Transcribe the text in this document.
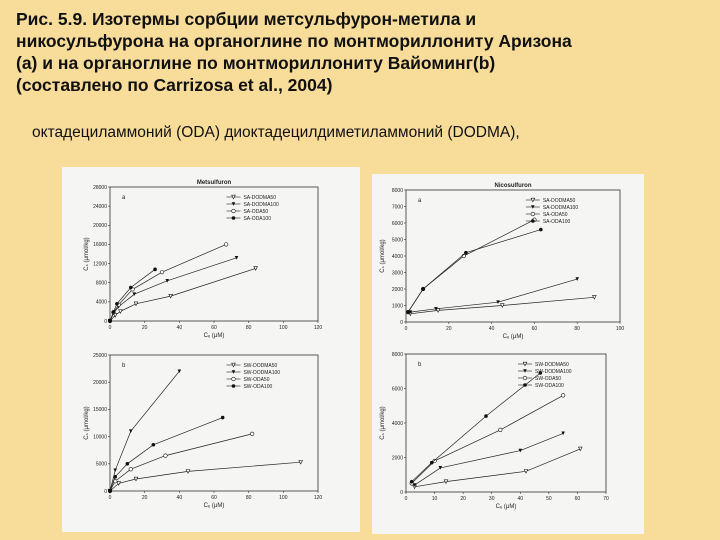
Рис. 5.9. Изотермы сорбции метсульфурон-метила и
никосульфурона на органоглине по монтмориллониту Аризона
(а) и на органоглине по монтмориллониту Вайоминг(b)
(составлено по Carrizosa et al., 2004)
октадециламмоний (ODA) диоктадецилдиметиламмоний (DODMA),
0	20	40	60	80	100	120
0
4000
8000
12000
16000
20000
24000
28000
Metsulfuron
a
Cₑ (μM)
Cₛ (μmol/kg)
SA-DODMA50
SA-DODMA100
SA-ODA50
SA-ODA100
0	20	40	60	80	100	120
0
5000
10000
15000
20000
25000
b
Cₑ (μM)
Cₛ (μmol/kg)
SW-DODMA50
SW-DODMA100
SW-ODA50
SW-ODA100
0	20	40	60	80	100
0
1000
2000
3000
4000
5000
6000
7000
8000
Nicosulfuron
a
Cₑ (μM)
Cₛ (μmol/kg)
SA-DODMA50
SA-DODMA100
SA-ODA50
SA-ODA100
0	10	20	30	40	50	60	70
0
2000
4000
6000
8000
b
Cₑ (μM)
Cₛ (μmol/kg)
SW-DODMA50
SW-DODMA100
SW-ODA50
SW-ODA100
